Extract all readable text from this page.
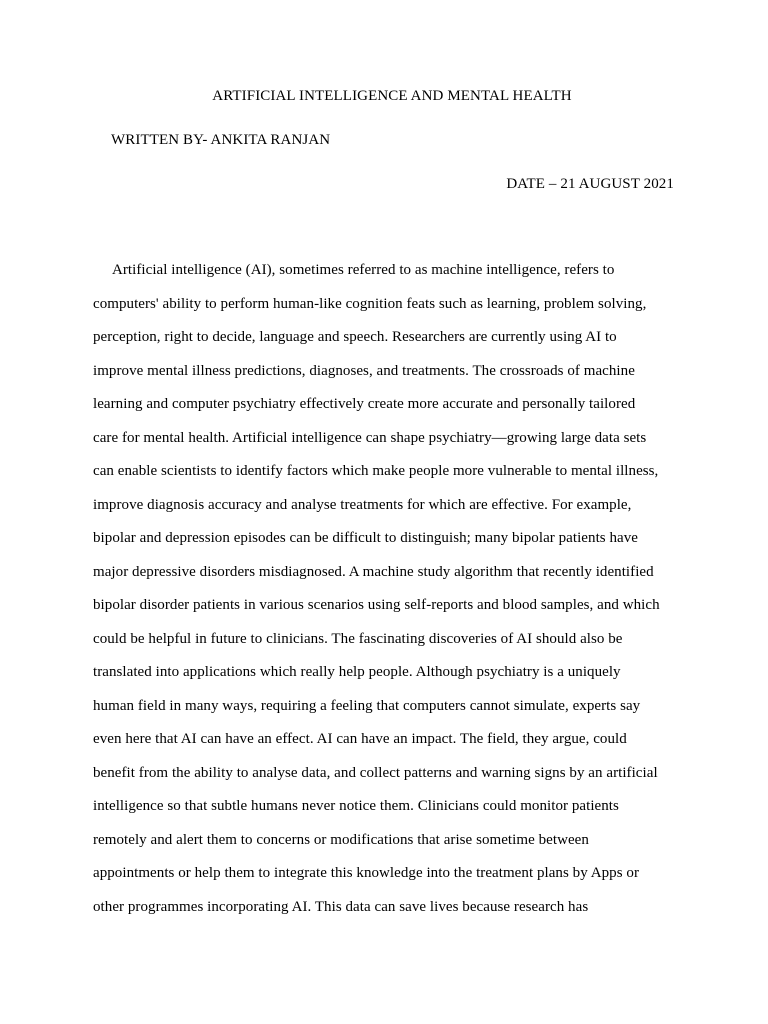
ARTIFICIAL INTELLIGENCE AND MENTAL HEALTH
WRITTEN BY- ANKITA RANJAN
DATE – 21 AUGUST 2021
Artificial intelligence (AI), sometimes referred to as machine intelligence, refers to
computers' ability to perform human-like cognition feats such as learning, problem solving,
perception, right to decide, language and speech. Researchers are currently using AI to
improve mental illness predictions, diagnoses, and treatments. The crossroads of machine
learning and computer psychiatry effectively create more accurate and personally tailored
care for mental health. Artificial intelligence can shape psychiatry—growing large data sets
can enable scientists to identify factors which make people more vulnerable to mental illness,
improve diagnosis accuracy and analyse treatments for which are effective. For example,
bipolar and depression episodes can be difficult to distinguish; many bipolar patients have
major depressive disorders misdiagnosed. A machine study algorithm that recently identified
bipolar disorder patients in various scenarios using self-reports and blood samples, and which
could be helpful in future to clinicians. The fascinating discoveries of AI should also be
translated into applications which really help people. Although psychiatry is a uniquely
human field in many ways, requiring a feeling that computers cannot simulate, experts say
even here that AI can have an effect. AI can have an impact. The field, they argue, could
benefit from the ability to analyse data, and collect patterns and warning signs by an artificial
intelligence so that subtle humans never notice them. Clinicians could monitor patients
remotely and alert them to concerns or modifications that arise sometime between
appointments or help them to integrate this knowledge into the treatment plans by Apps or
other programmes incorporating AI. This data can save lives because research has
